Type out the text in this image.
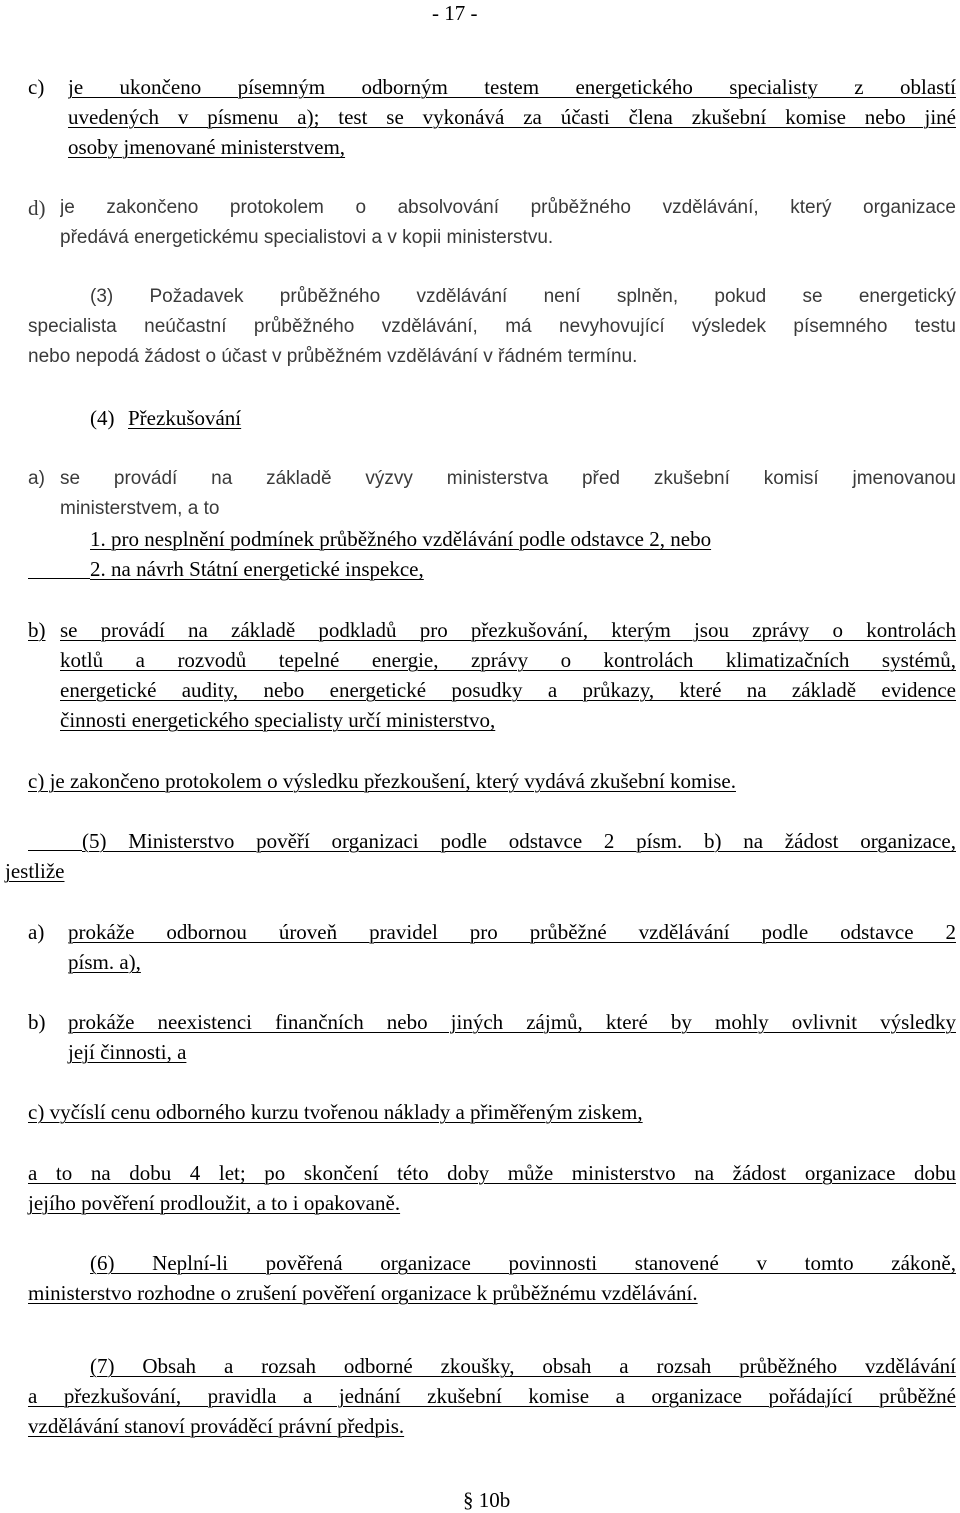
- 17 -
c) je ukončeno písemným odborným testem energetického specialisty z oblastí
uvedených v písmenu a); test se vykonává za účasti člena zkušební komise nebo jiné
osoby jmenované ministerstvem,
d) je zakončeno protokolem o absolvování průběžného vzdělávání, který organizace
předává energetickému specialistovi a v kopii ministerstvu.
(3) Požadavek průběžného vzdělávání není splněn, pokud se energetický
specialista neúčastní průběžného vzdělávání, má nevyhovující výsledek písemného testu
nebo nepodá žádost o účast v průběžném vzdělávání v řádném termínu.
(4) Přezkušování
a) se provádí na základě výzvy ministerstva před zkušební komisí jmenovanou
ministerstvem, a to
1. pro nesplnění podmínek průběžného vzdělávání podle odstavce 2, nebo
2. na návrh Státní energetické inspekce,
b) se provádí na základě podkladů pro přezkušování, kterým jsou zprávy o kontrolách
kotlů a rozvodů tepelné energie, zprávy o kontrolách klimatizačních systémů,
energetické audity, nebo energetické posudky a průkazy, které na základě evidence
činnosti energetického specialisty určí ministerstvo,
c) je zakončeno protokolem o výsledku přezkoušení, který vydává zkušební komise.
(5) Ministerstvo pověří organizaci podle odstavce 2 písm. b) na žádost organizace,
jestliže
a) prokáže odbornou úroveň pravidel pro průběžné vzdělávání podle odstavce 2
písm. a),
b) prokáže neexistenci finančních nebo jiných zájmů, které by mohly ovlivnit výsledky
její činnosti, a
c) vyčíslí cenu odborného kurzu tvořenou náklady a přiměřeným ziskem,
a to na dobu 4 let; po skončení této doby může ministerstvo na žádost organizace dobu
jejího pověření prodloužit, a to i opakovaně.
(6) Neplní-li pověřená organizace povinnosti stanovené v tomto zákoně,
ministerstvo rozhodne o zrušení pověření organizace k průběžnému vzdělávání.
(7) Obsah a rozsah odborné zkoušky, obsah a rozsah průběžného vzdělávání
a přezkušování, pravidla a jednání zkušební komise a organizace pořádající průběžné
vzdělávání stanoví prováděcí právní předpis.
§ 10b
